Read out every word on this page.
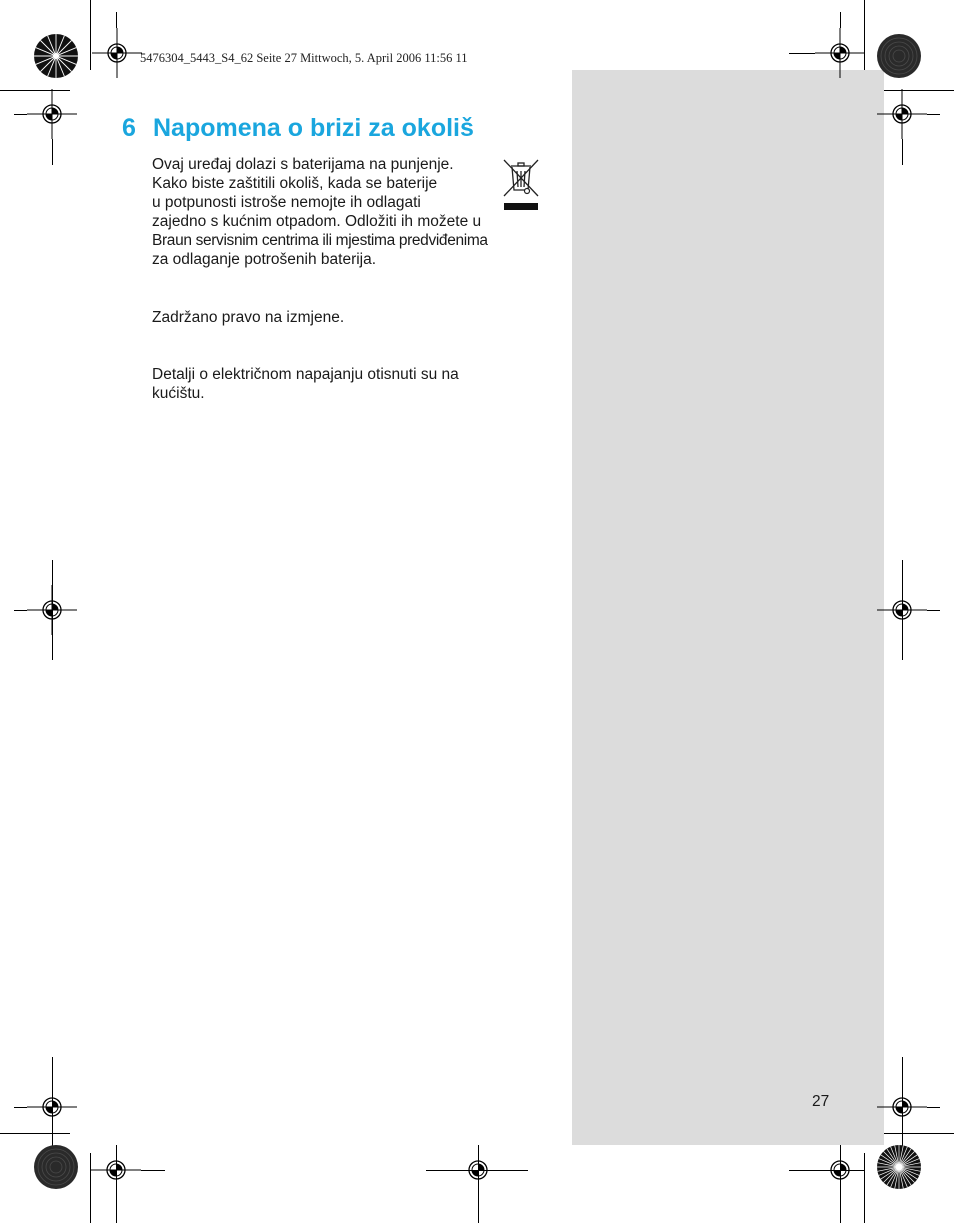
5476304_5443_S4_62 Seite 27 Mittwoch, 5. April 2006 11:56 11
6 Napomena o brizi za okoliš
Ovaj uređaj dolazi s baterijama na punjenje.
Kako biste zaštitili okoliš, kada se baterije
u potpunosti istroše nemojte ih odlagati
zajedno s kućnim otpadom. Odložiti ih možete u
Braun servisnim centrima ili mjestima predviđenima
za odlaganje potrošenih baterija.
Zadržano pravo na izmjene.
Detalji o električnom napajanju otisnuti su na
kućištu.
27
